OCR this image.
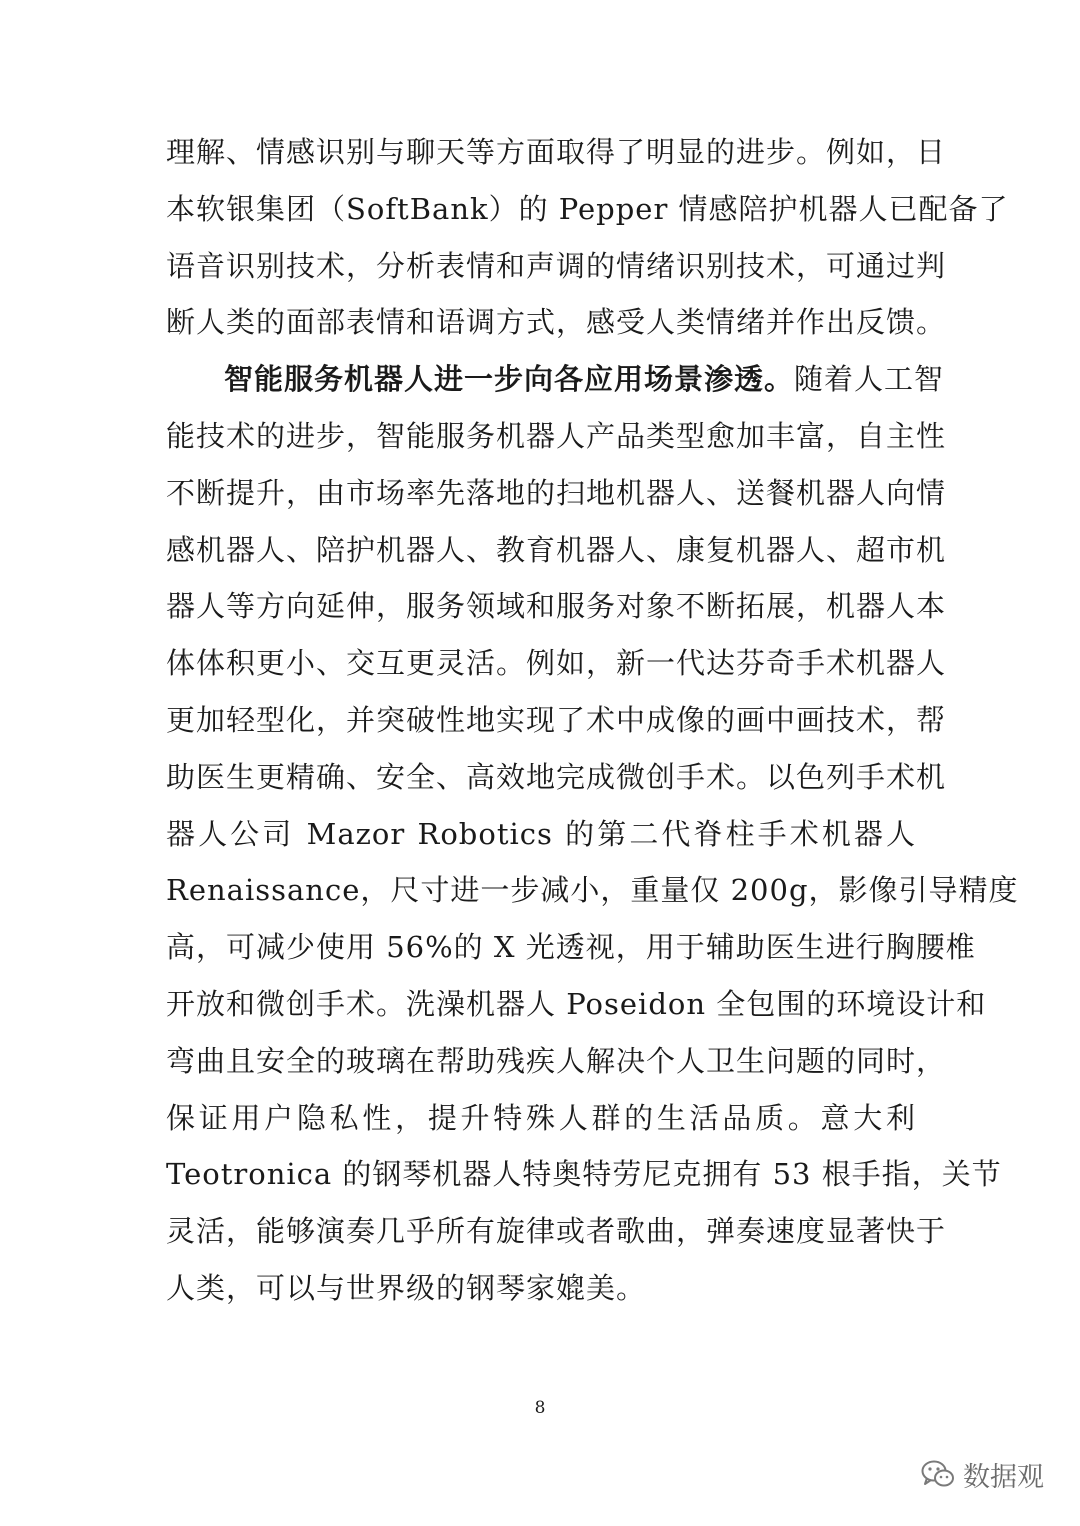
理解、情感识别与聊天等方面取得了明显的进步。例如，日
本软银集团（SoftBank）的 Pepper 情感陪护机器人已配备了
语音识别技术，分析表情和声调的情绪识别技术，可通过判
断人类的面部表情和语调方式，感受人类情绪并作出反馈。
智能服务机器人进一步向各应用场景渗透。随着人工智
能技术的进步，智能服务机器人产品类型愈加丰富，自主性
不断提升，由市场率先落地的扫地机器人、送餐机器人向情
感机器人、陪护机器人、教育机器人、康复机器人、超市机
器人等方向延伸，服务领域和服务对象不断拓展，机器人本
体体积更小、交互更灵活。例如，新一代达芬奇手术机器人
更加轻型化，并突破性地实现了术中成像的画中画技术，帮
助医生更精确、安全、高效地完成微创手术。以色列手术机
器人公司 Mazor Robotics 的第二代脊柱手术机器人
Renaissance，尺寸进一步减小，重量仅 200g，影像引导精度
高，可减少使用 56%的 X 光透视，用于辅助医生进行胸腰椎
开放和微创手术。洗澡机器人 Poseidon 全包围的环境设计和
弯曲且安全的玻璃在帮助残疾人解决个人卫生问题的同时，
保证用户隐私性，提升特殊人群的生活品质。意大利
Teotronica 的钢琴机器人特奥特劳尼克拥有 53 根手指，关节
灵活，能够演奏几乎所有旋律或者歌曲，弹奏速度显著快于
人类，可以与世界级的钢琴家媲美。
8
数据观
